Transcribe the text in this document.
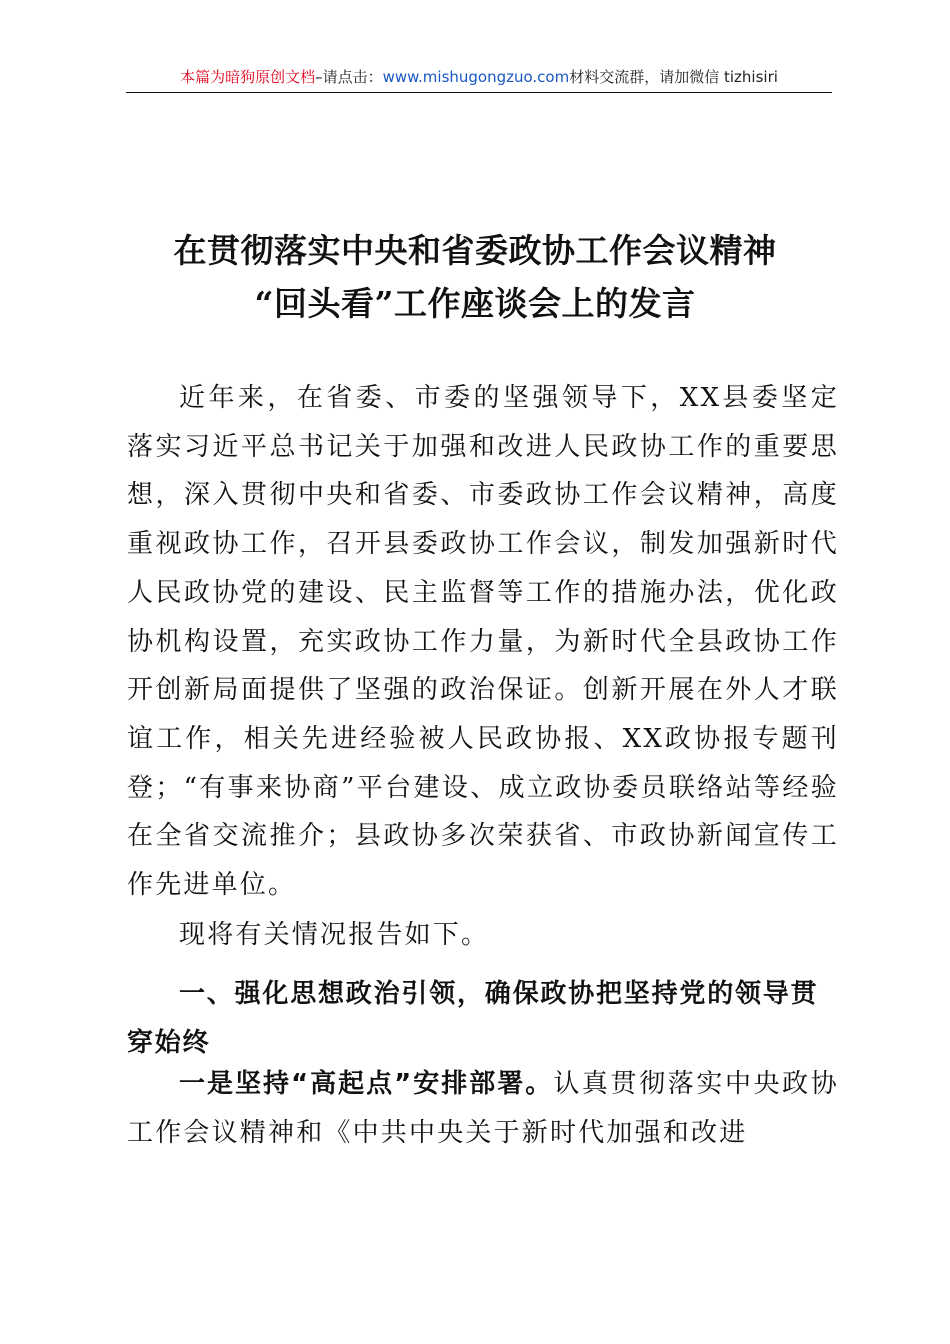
本篇为暗狗原创文档–请点击：www.mishugongzuo.com材料交流群，请加微信 tizhisiri
在贯彻落实中央和省委政协工作会议精神
“回头看”工作座谈会上的发言

近年来，在省委、市委的坚强领导下，XX县委坚定落实习近平总书记关于加强和改进人民政协工作的重要思想，深入贯彻中央和省委、市委政协工作会议精神，高度重视政协工作，召开县委政协工作会议，制发加强新时代人民政协党的建设、民主监督等工作的措施办法，优化政协机构设置，充实政协工作力量，为新时代全县政协工作开创新局面提供了坚强的政治保证。创新开展在外人才联谊工作，相关先进经验被人民政协报、XX政协报专题刊登；“有事来协商”平台建设、成立政协委员联络站等经验在全省交流推介；县政协多次荣获省、市政协新闻宣传工作先进单位。

现将有关情况报告如下。

一、强化思想政治引领，确保政协把坚持党的领导贯穿始终

一是坚持“高起点”安排部署。认真贯彻落实中央政协工作会议精神和《中共中央关于新时代加强和改进
